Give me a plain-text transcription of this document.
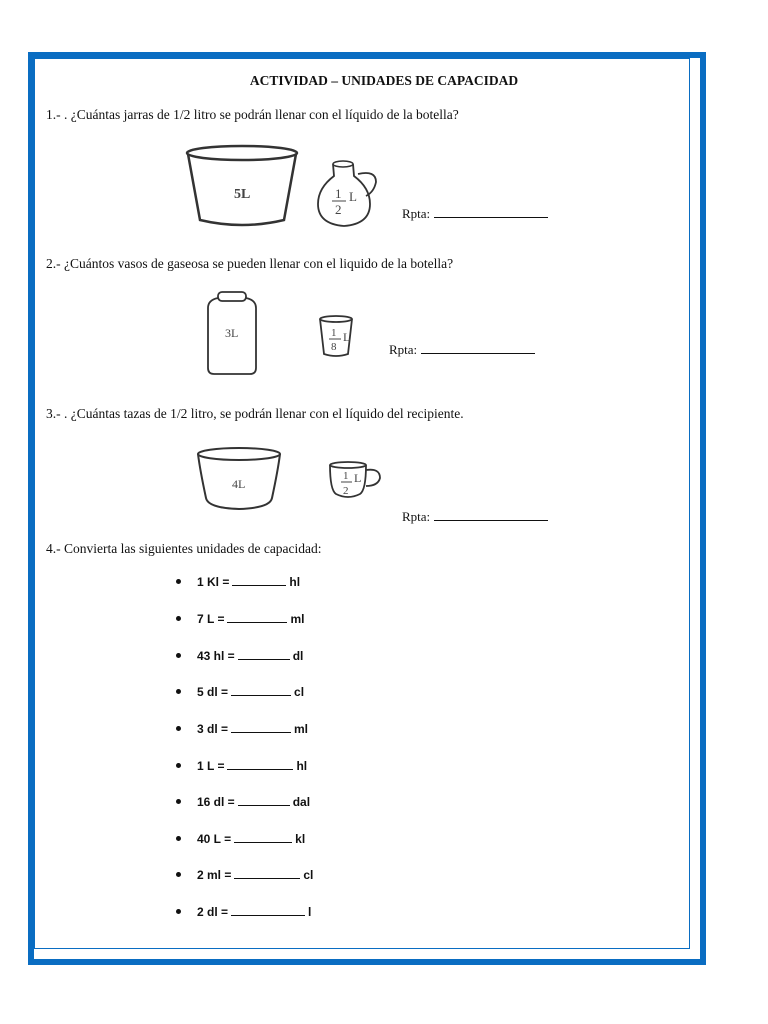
ACTIVIDAD – UNIDADES DE CAPACIDAD
1.- . ¿Cuántas jarras de 1/2 litro se podrán llenar con el líquido de la botella?
5L	1
2
L
Rpta:
2.- ¿Cuántos vasos de gaseosa se pueden llenar con el liquido de la botella?
3L	1
8
L
Rpta:
3.- . ¿Cuántas tazas de 1/2 litro, se podrán llenar con el líquido del recipiente.
4L
1
2
L
Rpta:
4.- Convierta las siguientes unidades de capacidad:
1 Kl =	hl
7 L =	ml
43 hl =	dl
5 dl =	cl
3 dl =	ml
1 L =	hl
16 dl =	dal
40 L =	kl
2 ml =	cl
2 dl =	l
